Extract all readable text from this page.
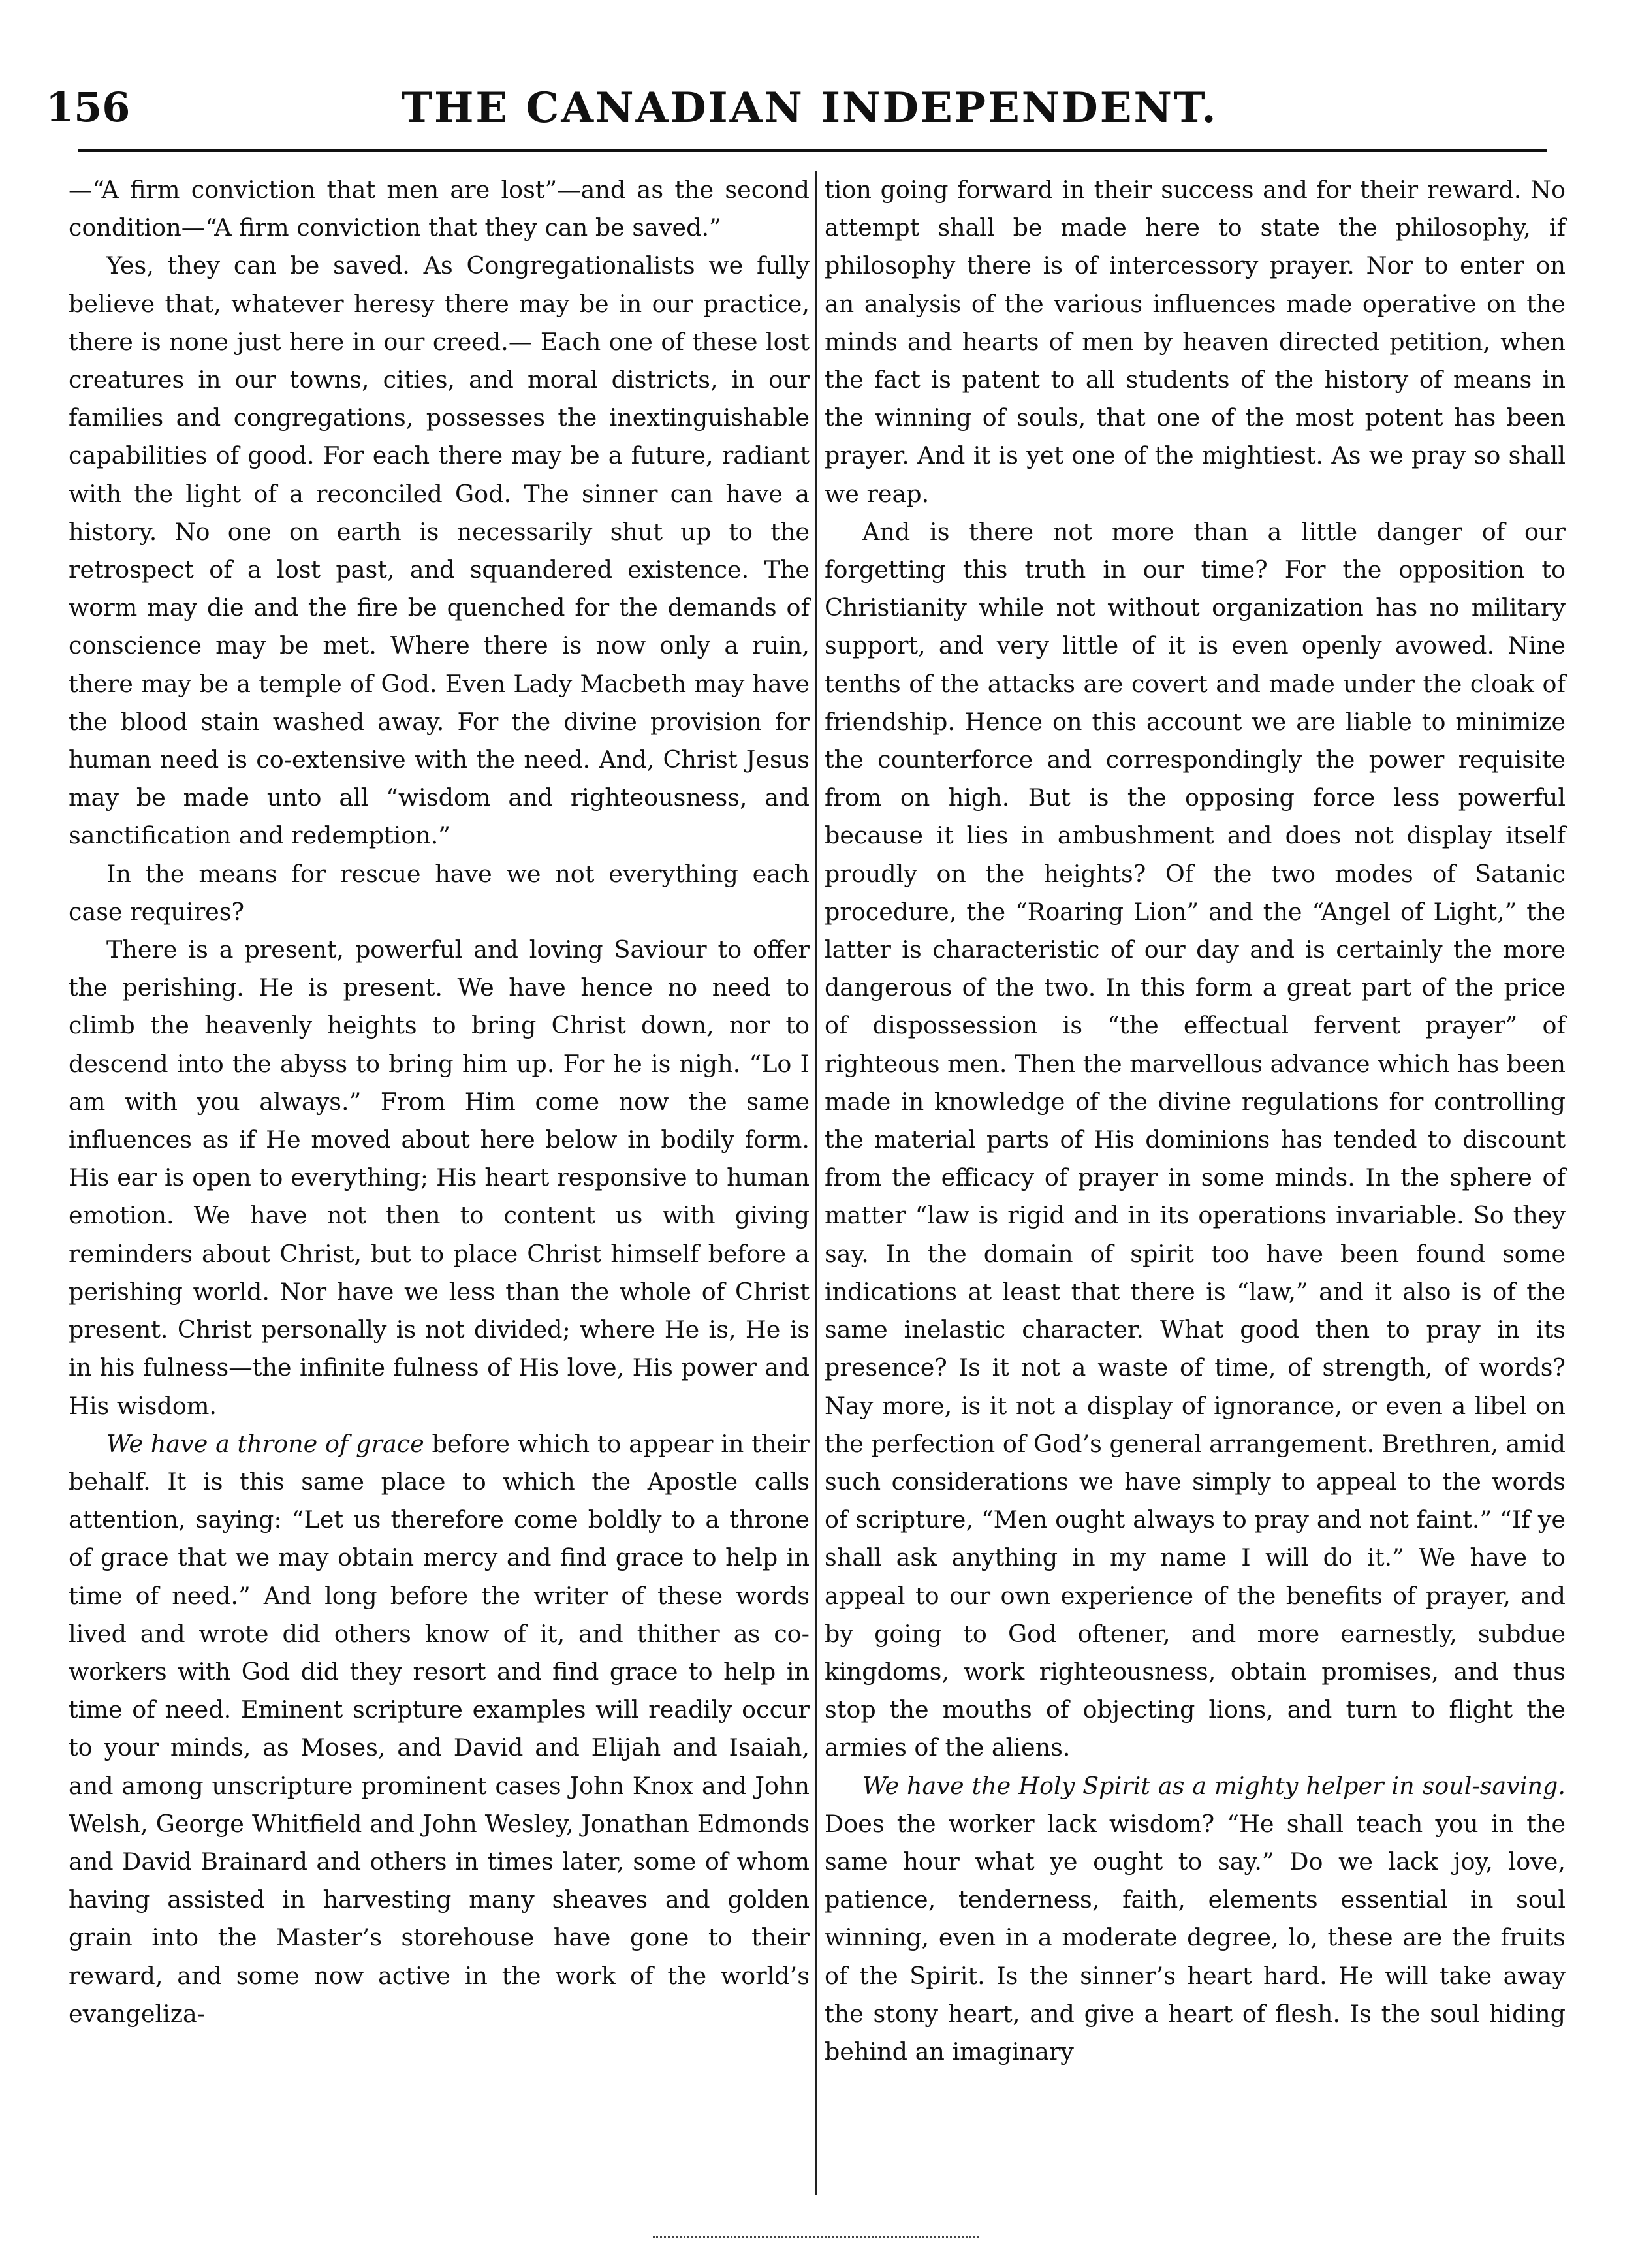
156	THE CANADIAN INDEPENDENT.

—“A firm conviction that men are lost”—and as the second condition—“A firm conviction that they can be saved.”

Yes, they can be saved. As Congregationalists we fully believe that, whatever heresy there may be in our practice, there is none just here in our creed.— Each one of these lost creatures in our towns, cities, and moral districts, in our families and congregations, possesses the inextinguishable capabilities of good. For each there may be a future, radiant with the light of a reconciled God. The sinner can have a history. No one on earth is necessarily shut up to the retrospect of a lost past, and squandered existence. The worm may die and the fire be quenched for the demands of conscience may be met. Where there is now only a ruin, there may be a temple of God. Even Lady Macbeth may have the blood stain washed away. For the divine provision for human need is co-extensive with the need. And, Christ Jesus may be made unto all “wisdom and righteousness, and sanctification and redemption.”

In the means for rescue have we not everything each case requires?

There is a present, powerful and loving Saviour to offer the perishing. He is present. We have hence no need to climb the heavenly heights to bring Christ down, nor to descend into the abyss to bring him up. For he is nigh. “Lo I am with you always.” From Him come now the same influences as if He moved about here below in bodily form. His ear is open to everything; His heart responsive to human emotion. We have not then to content us with giving reminders about Christ, but to place Christ himself before a perishing world. Nor have we less than the whole of Christ present. Christ personally is not divided; where He is, He is in his fulness—the infinite fulness of His love, His power and His wisdom.

We have a throne of grace before which to appear in their behalf. It is this same place to which the Apostle calls attention, saying: “Let us therefore come boldly to a throne of grace that we may obtain mercy and find grace to help in time of need.” And long before the writer of these words lived and wrote did others know of it, and thither as co-workers with God did they resort and find grace to help in time of need. Eminent scripture examples will readily occur to your minds, as Moses, and David and Elijah and Isaiah, and among unscripture prominent cases John Knox and John Welsh, George Whitfield and John Wesley, Jonathan Edmonds and David Brainard and others in times later, some of whom having assisted in harvesting many sheaves and golden grain into the Master’s storehouse have gone to their reward, and some now active in the work of the world’s evangeliza-

tion going forward in their success and for their reward. No attempt shall be made here to state the philosophy, if philosophy there is of intercessory prayer. Nor to enter on an analysis of the various influences made operative on the minds and hearts of men by heaven directed petition, when the fact is patent to all students of the history of means in the winning of souls, that one of the most potent has been prayer. And it is yet one of the mightiest. As we pray so shall we reap.

And is there not more than a little danger of our forgetting this truth in our time? For the opposition to Christianity while not without organization has no military support, and very little of it is even openly avowed. Nine tenths of the attacks are covert and made under the cloak of friendship. Hence on this account we are liable to minimize the counterforce and correspondingly the power requisite from on high. But is the opposing force less powerful because it lies in ambushment and does not display itself proudly on the heights? Of the two modes of Satanic procedure, the “Roaring Lion” and the “Angel of Light,” the latter is characteristic of our day and is certainly the more dangerous of the two. In this form a great part of the price of dispossession is “the effectual fervent prayer” of righteous men. Then the marvellous advance which has been made in knowledge of the divine regulations for controlling the material parts of His dominions has tended to discount from the efficacy of prayer in some minds. In the sphere of matter “law is rigid and in its operations invariable. So they say. In the domain of spirit too have been found some indications at least that there is “law,” and it also is of the same inelastic character. What good then to pray in its presence? Is it not a waste of time, of strength, of words? Nay more, is it not a display of ignorance, or even a libel on the perfection of God’s general arrangement. Brethren, amid such considerations we have simply to appeal to the words of scripture, “Men ought always to pray and not faint.” “If ye shall ask anything in my name I will do it.” We have to appeal to our own experience of the benefits of prayer, and by going to God oftener, and more earnestly, subdue kingdoms, work righteousness, obtain promises, and thus stop the mouths of objecting lions, and turn to flight the armies of the aliens.

We have the Holy Spirit as a mighty helper in soul-saving. Does the worker lack wisdom? “He shall teach you in the same hour what ye ought to say.” Do we lack joy, love, patience, tenderness, faith, elements essential in soul winning, even in a moderate degree, lo, these are the fruits of the Spirit. Is the sinner’s heart hard. He will take away the stony heart, and give a heart of flesh. Is the soul hiding behind an imaginary
